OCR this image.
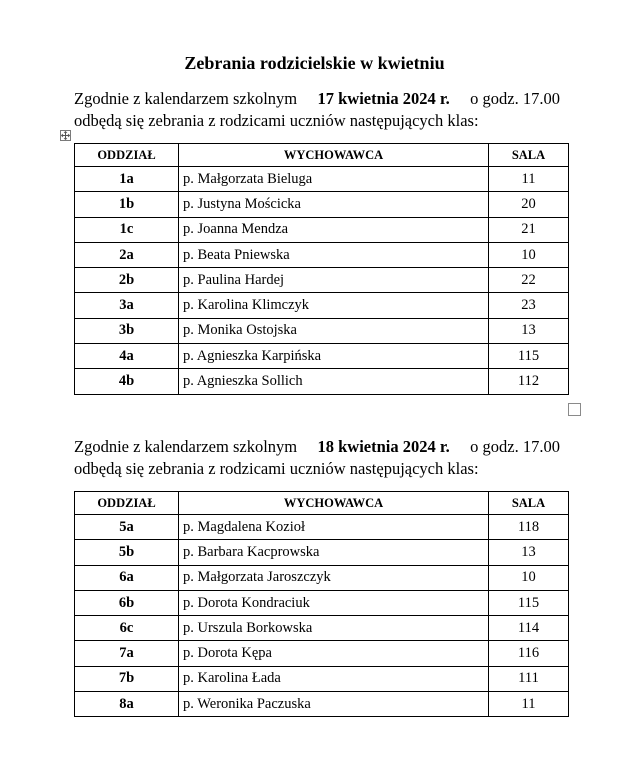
Zebrania rodzicielskie w kwietniu
Zgodnie z kalendarzem szkolnym 17 kwietnia 2024 r. o godz. 17.00
odbędą się zebrania z rodzicami uczniów następujących klas:
ODDZIAŁ	WYCHOWAWCA	SALA
1a	p. Małgorzata Bieluga	11
1b	p. Justyna Mościcka	20
1c	p. Joanna Mendza	21
2a	p. Beata Pniewska	10
2b	p. Paulina Hardej	22
3a	p. Karolina Klimczyk	23
3b	p. Monika Ostojska	13
4a	p. Agnieszka Karpińska	115
4b	p. Agnieszka Sollich	112
Zgodnie z kalendarzem szkolnym 18 kwietnia 2024 r. o godz. 17.00
odbędą się zebrania z rodzicami uczniów następujących klas:
ODDZIAŁ	WYCHOWAWCA	SALA
5a	p. Magdalena Kozioł	118
5b	p. Barbara Kacprowska	13
6a	p. Małgorzata Jaroszczyk	10
6b	p. Dorota Kondraciuk	115
6c	p. Urszula Borkowska	114
7a	p. Dorota Kępa	116
7b	p. Karolina Łada	111
8a	p. Weronika Paczuska	11
